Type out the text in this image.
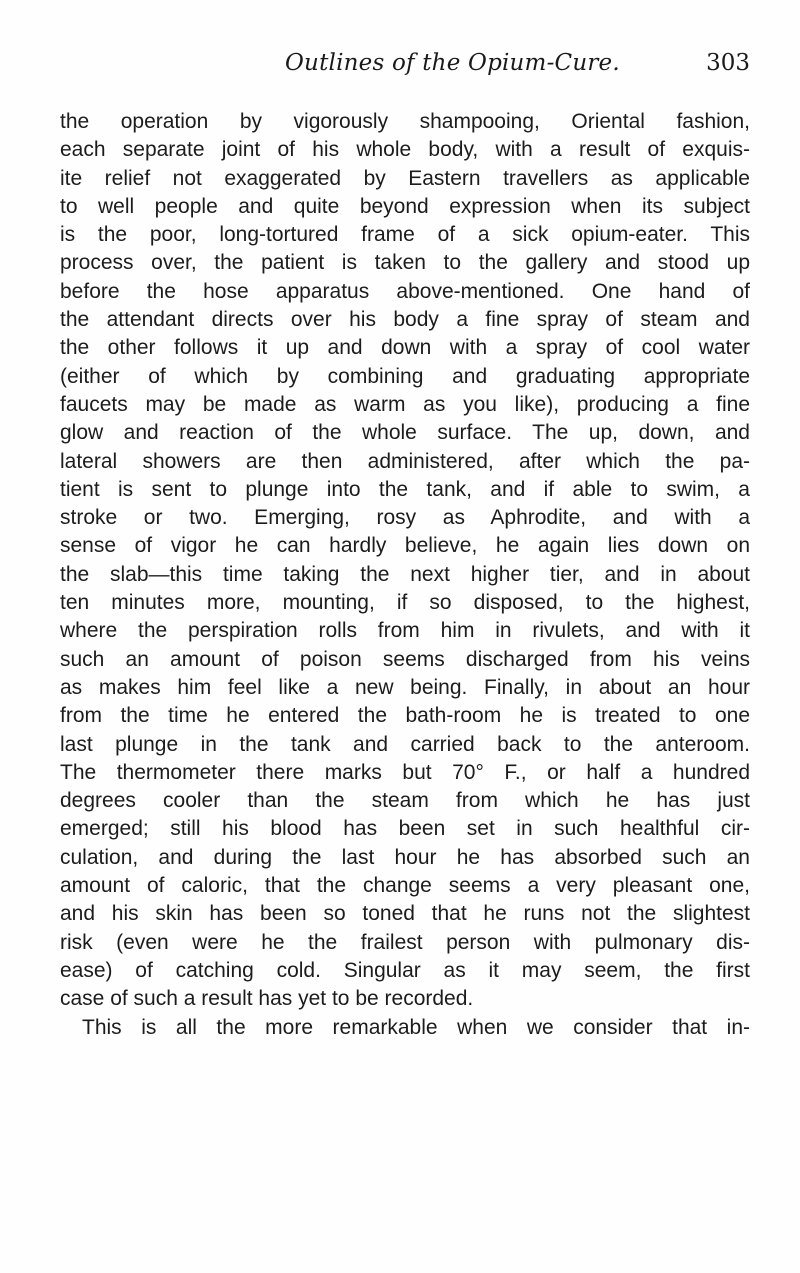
Outlines of the Opium-Cure.	303
the operation by vigorously shampooing, Oriental fashion,
each separate joint of his whole body, with a result of exquis-
ite relief not exaggerated by Eastern travellers as applicable
to well people and quite beyond expression when its subject
is the poor, long-tortured frame of a sick opium-eater. This
process over, the patient is taken to the gallery and stood up
before the hose apparatus above-mentioned. One hand of
the attendant directs over his body a fine spray of steam and
the other follows it up and down with a spray of cool water
(either of which by combining and graduating appropriate
faucets may be made as warm as you like), producing a fine
glow and reaction of the whole surface. The up, down, and
lateral showers are then administered, after which the pa-
tient is sent to plunge into the tank, and if able to swim, a
stroke or two. Emerging, rosy as Aphrodite, and with a
sense of vigor he can hardly believe, he again lies down on
the slab—this time taking the next higher tier, and in about
ten minutes more, mounting, if so disposed, to the highest,
where the perspiration rolls from him in rivulets, and with it
such an amount of poison seems discharged from his veins
as makes him feel like a new being. Finally, in about an hour
from the time he entered the bath-room he is treated to one
last plunge in the tank and carried back to the anteroom.
The thermometer there marks but 70° F., or half a hundred
degrees cooler than the steam from which he has just
emerged; still his blood has been set in such healthful cir-
culation, and during the last hour he has absorbed such an
amount of caloric, that the change seems a very pleasant one,
and his skin has been so toned that he runs not the slightest
risk (even were he the frailest person with pulmonary dis-
ease) of catching cold. Singular as it may seem, the first
case of such a result has yet to be recorded.
This is all the more remarkable when we consider that in-
